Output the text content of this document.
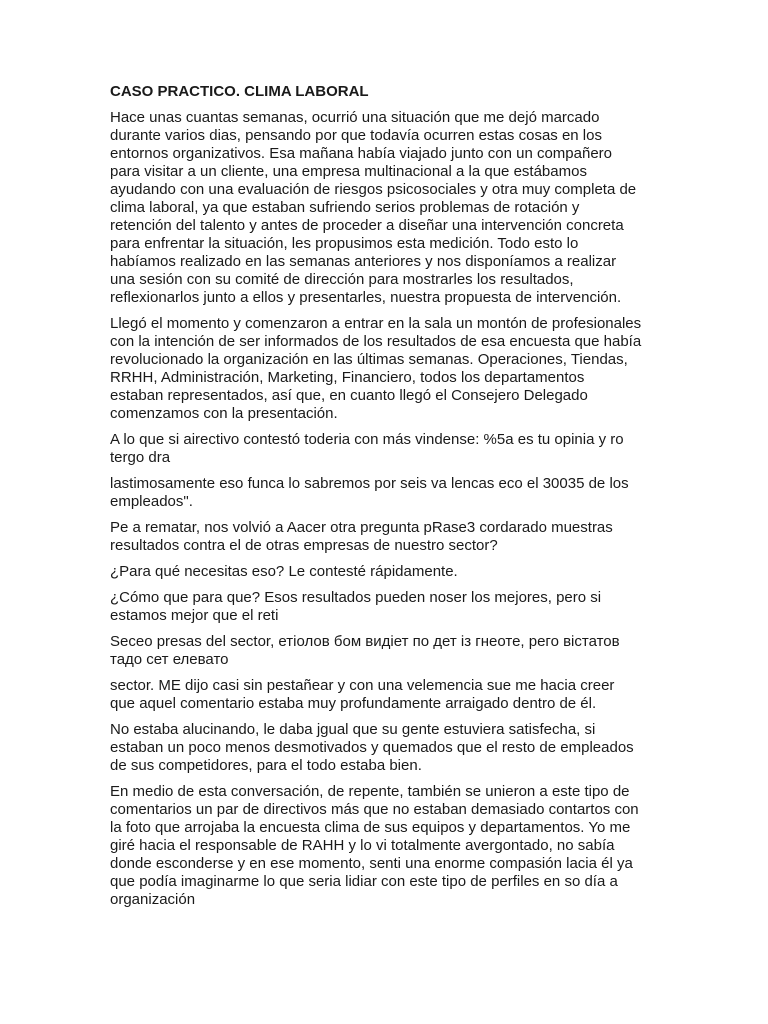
CASO PRACTICO. CLIMA LABORAL
Hace unas cuantas semanas, ocurrió una situación que me dejó marcado
durante varios dias, pensando por que todavía ocurren estas cosas en los
entornos organizativos. Esa mañana había viajado junto con un compañero
para visitar a un cliente, una empresa multinacional a la que estábamos
ayudando con una evaluación de riesgos psicosociales y otra muy completa de
clima laboral, ya que estaban sufriendo serios problemas de rotación y
retención del talento y antes de proceder a diseñar una intervención concreta
para enfrentar la situación, les propusimos esta medición. Todo esto lo
habíamos realizado en las semanas anteriores y nos disponíamos a realizar
una sesión con su comité de dirección para mostrarles los resultados,
reflexionarlos junto a ellos y presentarles, nuestra propuesta de intervención.
Llegó el momento y comenzaron a entrar en la sala un montón de profesionales
con la intención de ser informados de los resultados de esa encuesta que había
revolucionado la organización en las últimas semanas. Operaciones, Tiendas,
RRHH, Administración, Marketing, Financiero, todos los departamentos
estaban representados, así que, en cuanto llegó el Consejero Delegado
comenzamos con la presentación.
A lo que si airectivo contestó toderia con más vindense: %5a es tu opinia y ro
tergo dra
lastimosamente eso funca lo sabremos por seis va lencas eco el 30035 de los
empleados".
Pe a rematar, nos volvió a Aacer otra pregunta pRase3 cordarado muestras
resultados contra el de otras empresas de nuestro sector?
¿Para qué necesitas eso? Le contesté rápidamente.
¿Cómo que para que? Esos resultados pueden noser los mejores, pero si
estamos mejor que el reti
Seceo presas del sector, етіолов бом видіет по дет із гнеоте, рего вістатов
тадо сет елевато
sector. ME dijo casi sin pestañear y con una velemencia sue me hacia creer
que aquel comentario estaba muy profundamente arraigado dentro de él.
No estaba alucinando, le daba jgual que su gente estuviera satisfecha, si
estaban un poco menos desmotivados y quemados que el resto de empleados
de sus competidores, para el todo estaba bien.
En medio de esta conversación, de repente, también se unieron a este tipo de
comentarios un par de directivos más que no estaban demasiado contartos con
la foto que arrojaba la encuesta clima de sus equipos y departamentos. Yo me
giré hacia el responsable de RAHH y lo vi totalmente avergontado, no sabía
donde esconderse y en ese momento, senti una enorme compasión lacia él ya
que podía imaginarme lo que seria lidiar con este tipo de perfiles en so día a
organización
